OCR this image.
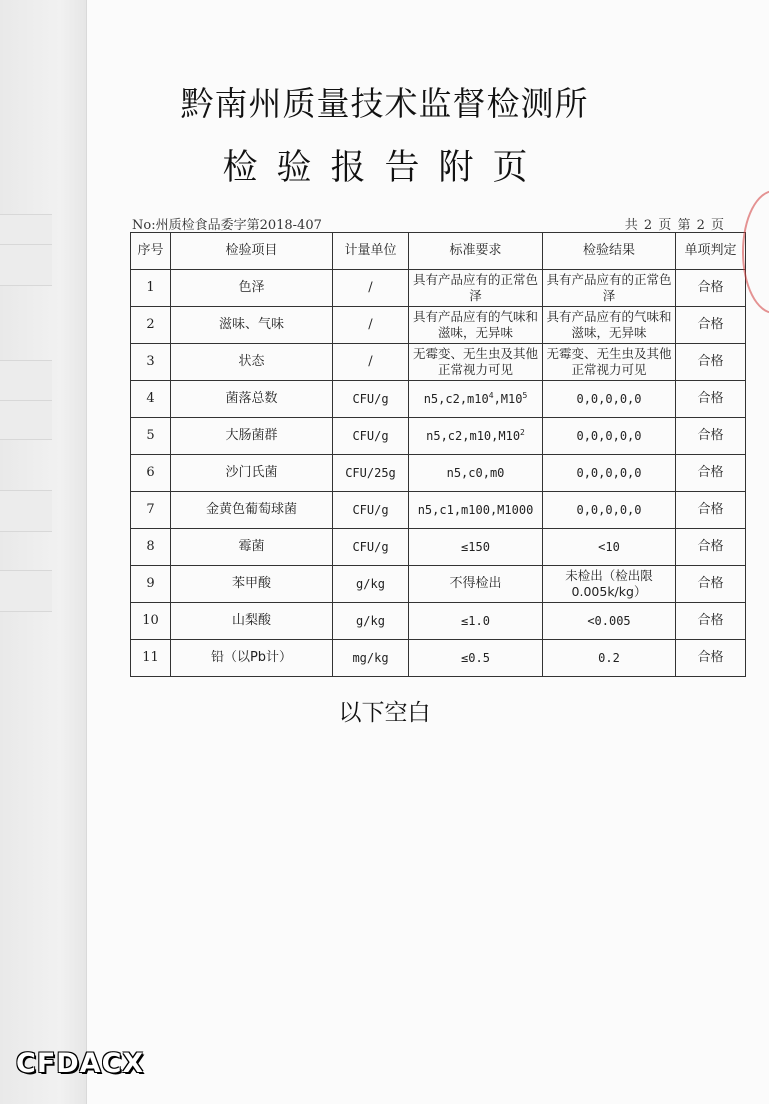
黔南州质量技术监督检测所
检验报告附页
No:州质检食品委字第2018-407	共 2 页 第 2 页
序号	检验项目	计量单位	标准要求	检验结果	单项判定
1	色泽	/	具有产品应有的正常色泽	具有产品应有的正常色泽	合格
2	滋味、气味	/	具有产品应有的气味和滋味，无异味	具有产品应有的气味和滋味，无异味	合格
3	状态	/	无霉变、无生虫及其他正常视力可见	无霉变、无生虫及其他正常视力可见	合格
4	菌落总数	CFU/g	$n5,c2,m10^4,M10^5$	0,0,0,0,0	合格
5	大肠菌群	CFU/g	$n5,c2,m10,M10^2$	0,0,0,0,0	合格
6	沙门氏菌	CFU/25g	n5,c0,m0	0,0,0,0,0	合格
7	金黄色葡萄球菌	CFU/g	n5,c1,m100,M1000	0,0,0,0,0	合格
8	霉菌	CFU/g	≤150	<10	合格
9	苯甲酸	g/kg	不得检出	未检出（检出限0.005k/kg）	合格
10	山梨酸	g/kg	≤1.0	<0.005	合格
11	铅（以Pb计）	mg/kg	≤0.5	0.2	合格
以下空白
CFDACX
